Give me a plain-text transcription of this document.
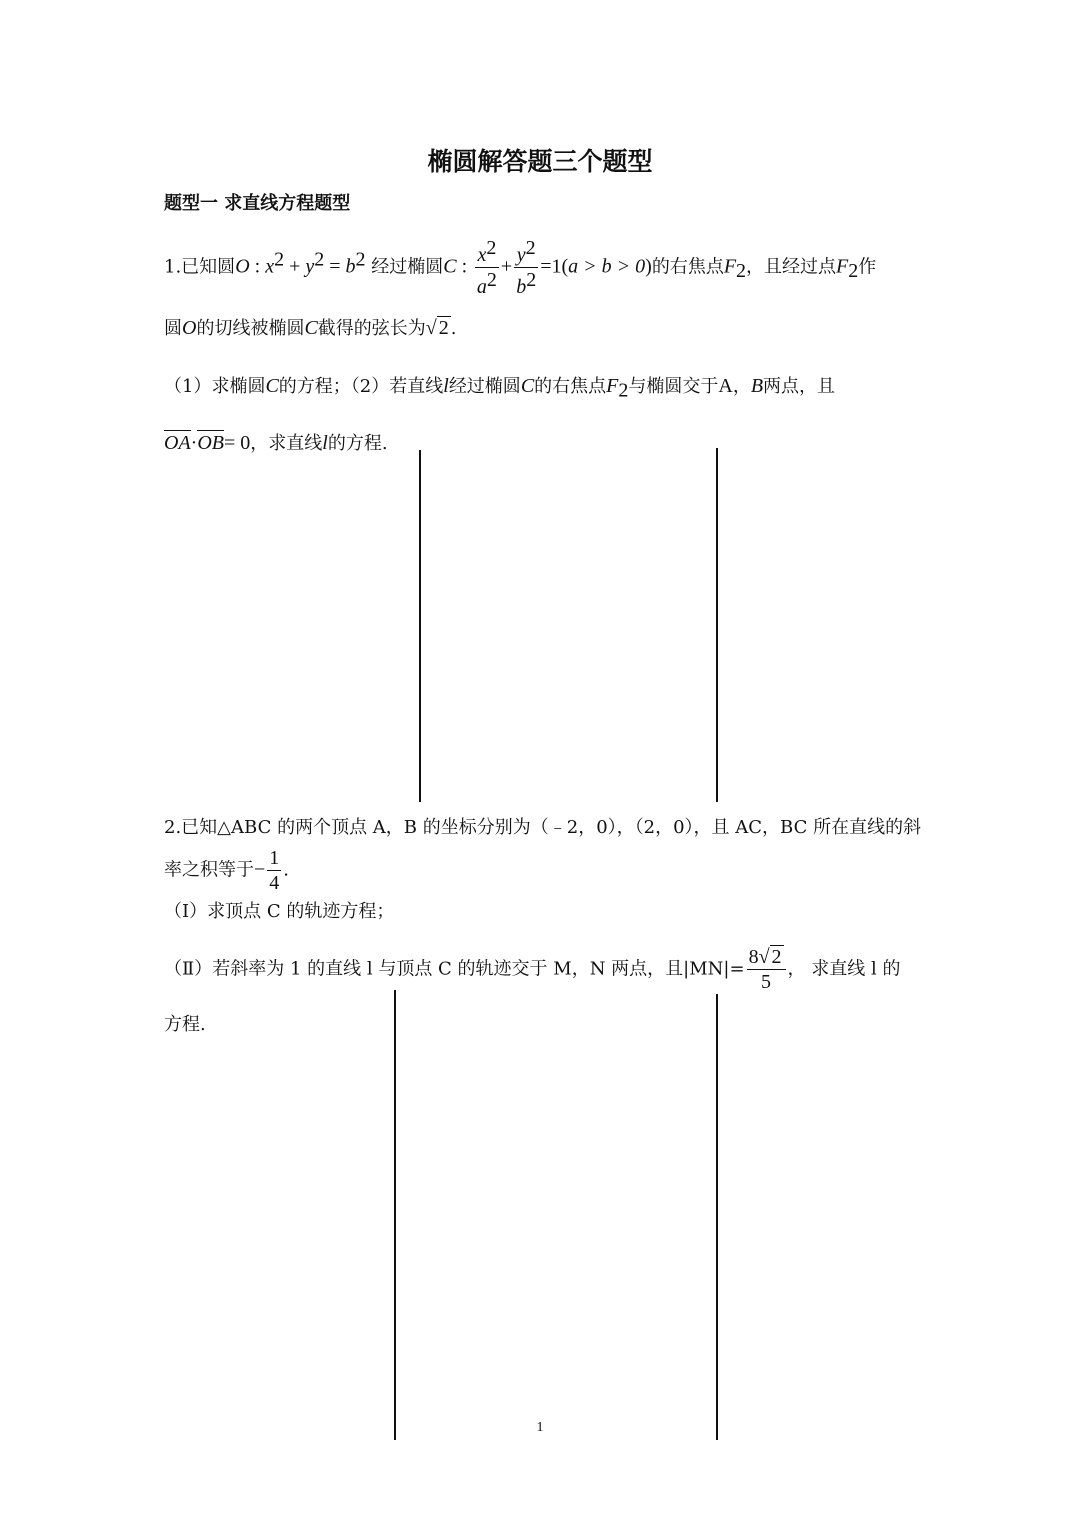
椭圆解答题三个题型
题型一 求直线方程题型
1.已知圆O : $x^2 + y^2 = b^2$ 经过椭圆C : $\frac{x^2}{a^2} + \frac{y^2}{b^2} =1(a > b > 0)$的右焦点$F_2$，且经过点$F_2$作
圆O的切线被椭圆C截得的弦长为√ 2 .
（1）求椭圆C的方程；（2）若直线l经过椭圆C的右焦点$F_2$与椭圆交于A，B两点，且
OA·OB= 0，求直线l的方程.
2.已知△ABC 的两个顶点 A，B 的坐标分别为（﹣2，0），（2，0），且 AC，BC 所在直线的斜
率之积等于− $\frac{1}{4}$ .
（Ⅰ）求顶点 C 的轨迹方程；
（Ⅱ）若斜率为 1 的直线 l 与顶点 C 的轨迹交于 M，N 两点，且$|MN|= \frac{8√ 2}{5}$ ， 求直线 l 的
方程.
1
